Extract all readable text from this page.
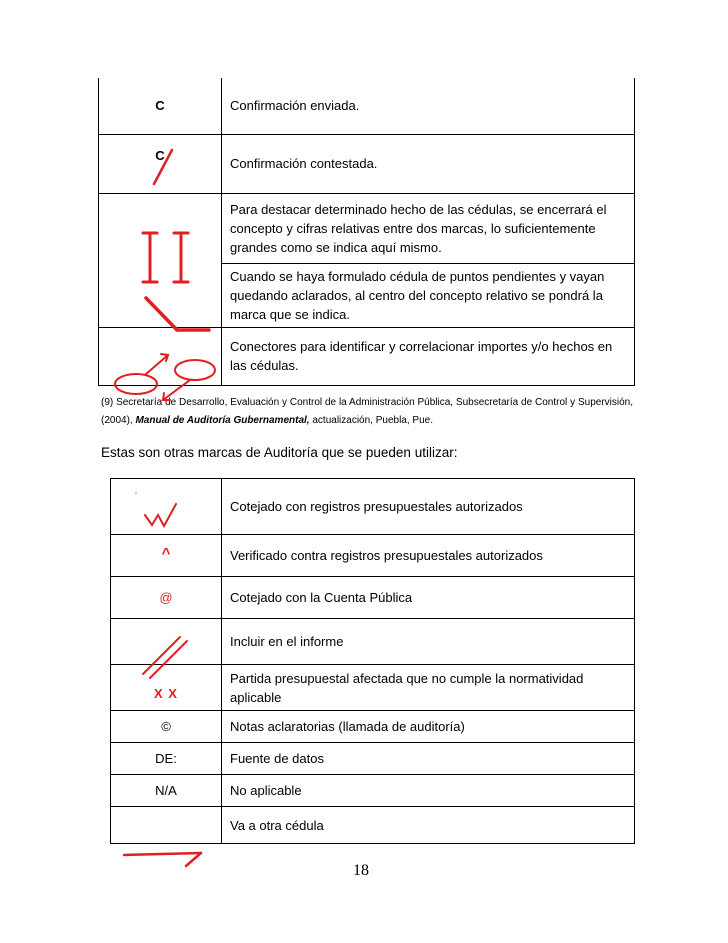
C	Confirmación enviada.
C	Confirmación contestada.
	Para destacar determinado hecho de las cédulas, se encerrará el concepto y cifras relativas entre dos marcas, lo suficientemente grandes como se indica aquí mismo.
	Cuando se haya formulado cédula de puntos pendientes y vayan quedando aclarados, al centro del concepto relativo se pondrá la marca que se indica.
	Conectores para identificar y correlacionar importes y/o hechos en las cédulas.
(9) Secretaría de Desarrollo, Evaluación y Control de la Administración Pública, Subsecretaría de Control y Supervisión,
(2004), Manual de Auditoría Gubernamental, actualización, Puebla, Pue.
Estas son otras marcas de Auditoría que se pueden utilizar:
	Cotejado con registros presupuestales autorizados
^	Verificado contra registros presupuestales autorizados
@	Cotejado con la Cuenta Pública
	Incluir en el informe
X X	Partida presupuestal afectada que no cumple la normatividad aplicable
©	Notas aclaratorias (llamada de auditoría)
DE:	Fuente de datos
N/A	No aplicable
	Va a otra cédula
18
